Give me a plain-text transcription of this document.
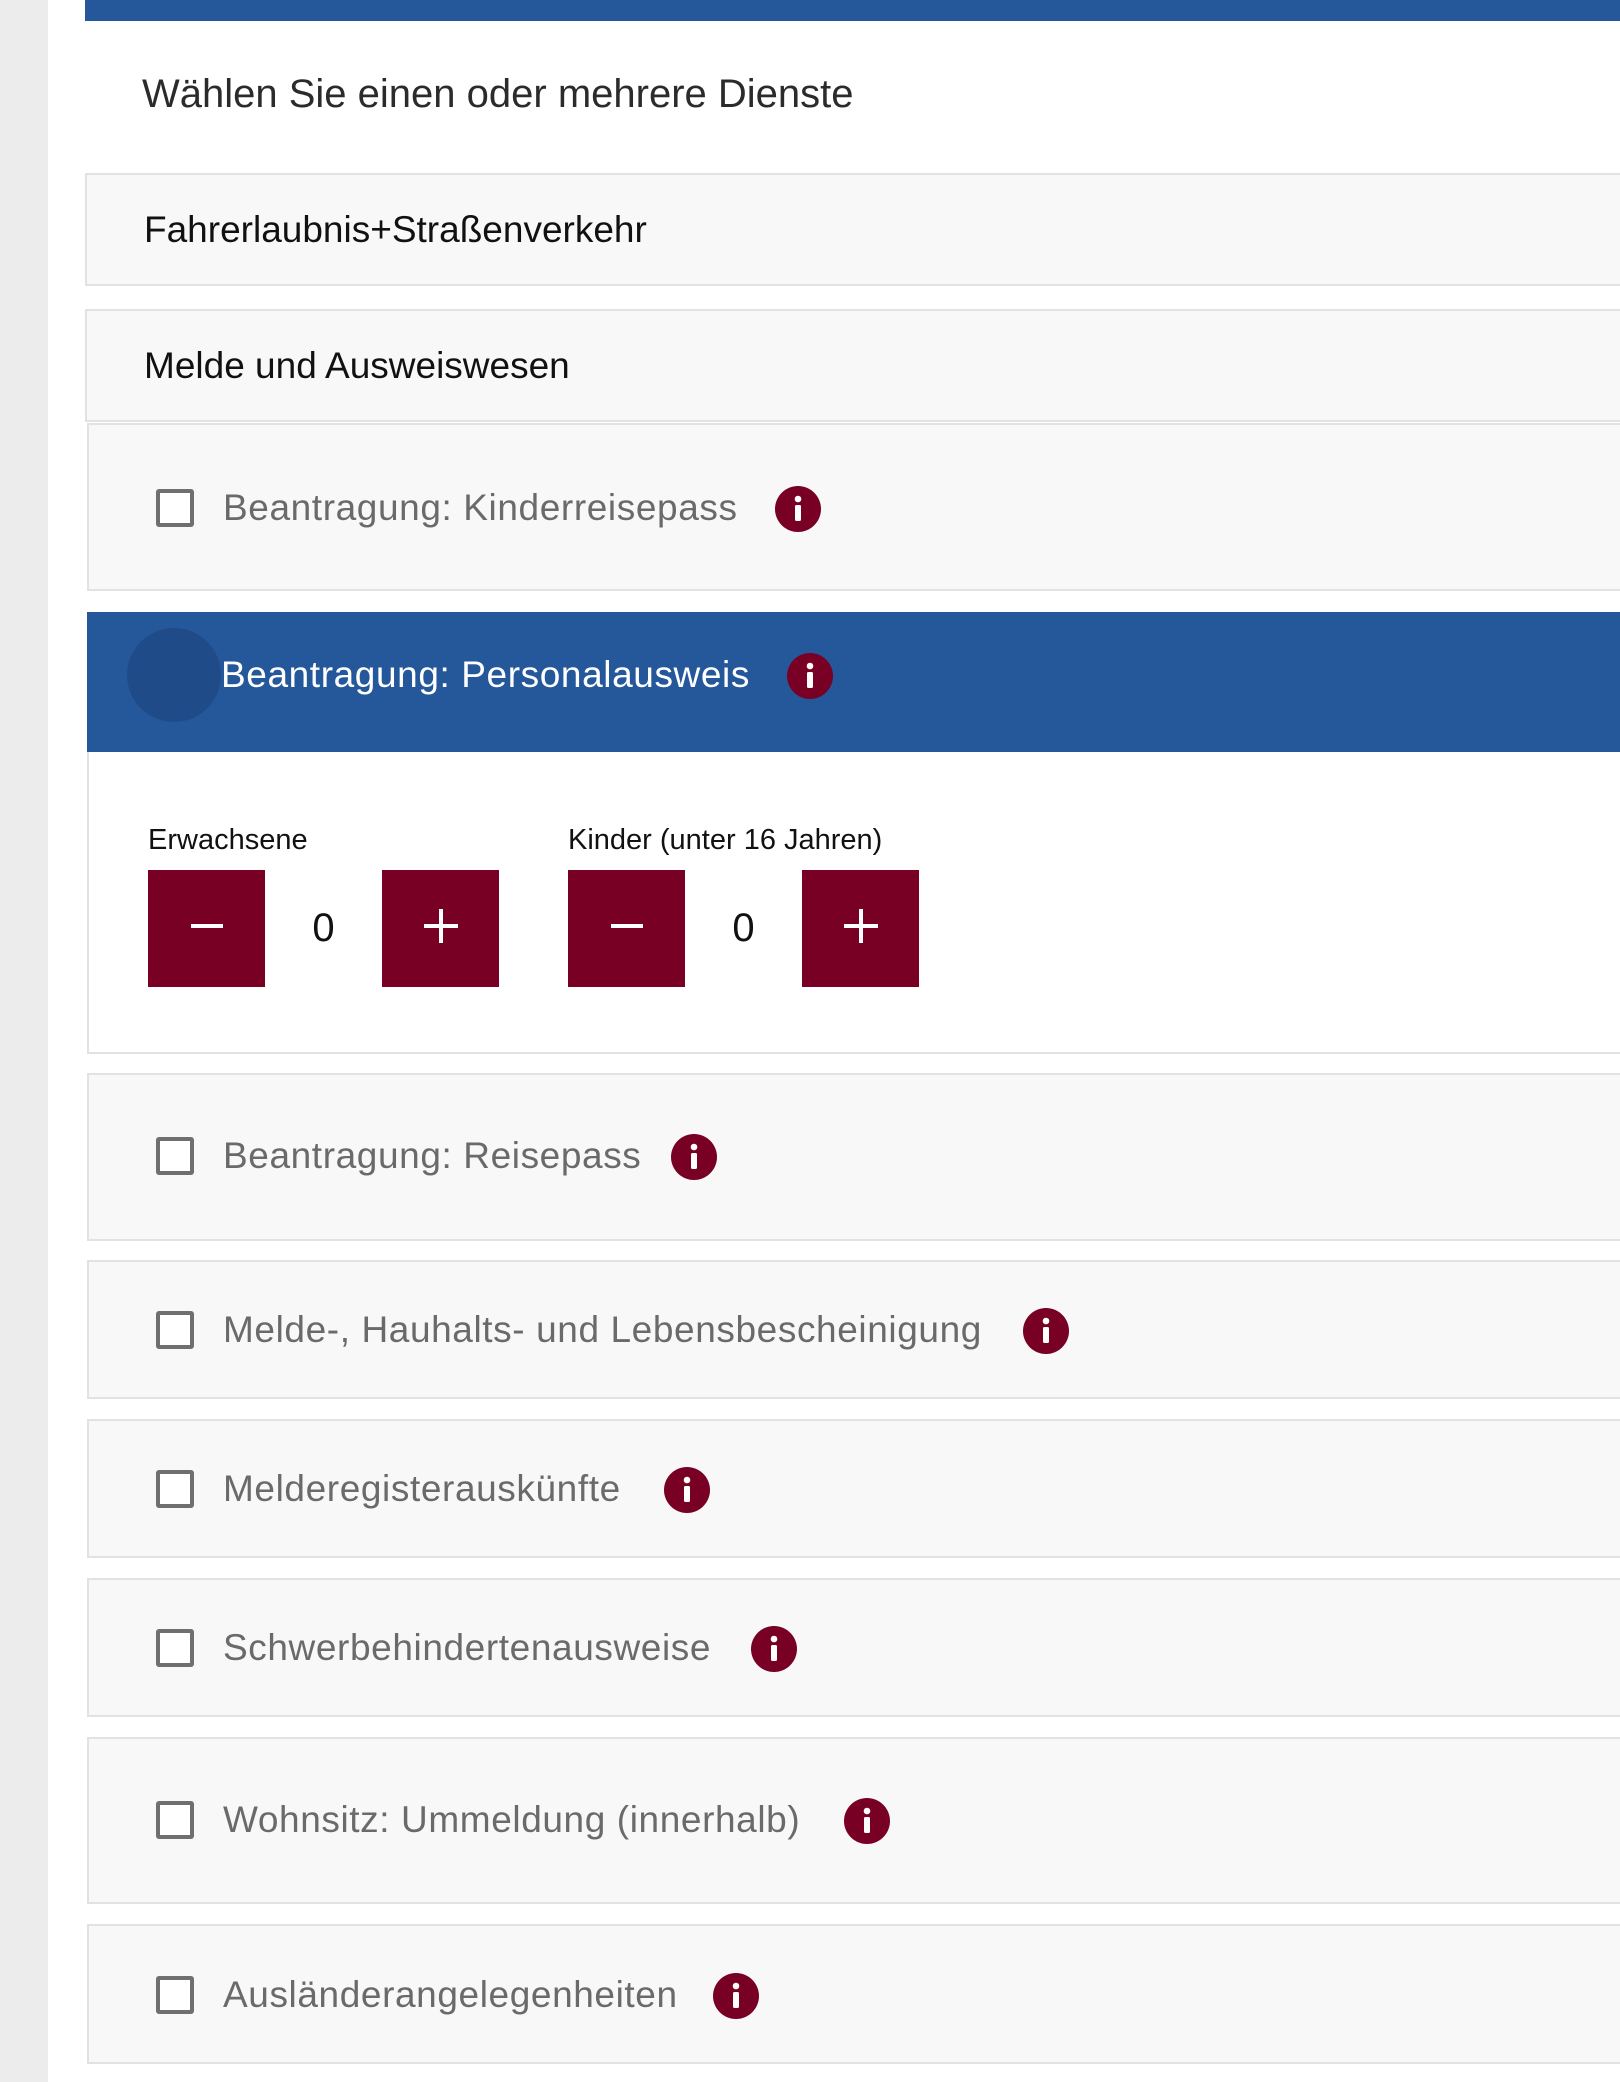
Wählen Sie einen oder mehrere Dienste
Fahrerlaubnis+Straßenverkehr
Melde und Ausweiswesen
Beantragung: Kinderreisepass
Beantragung: Personalausweis
Erwachsene
0
Kinder (unter 16 Jahren)
0
Beantragung: Reisepass
Melde-, Hauhalts- und Lebensbescheinigung
Melderegisterauskünfte
Schwerbehindertenausweise
Wohnsitz: Ummeldung (innerhalb)
Ausländerangelegenheiten
